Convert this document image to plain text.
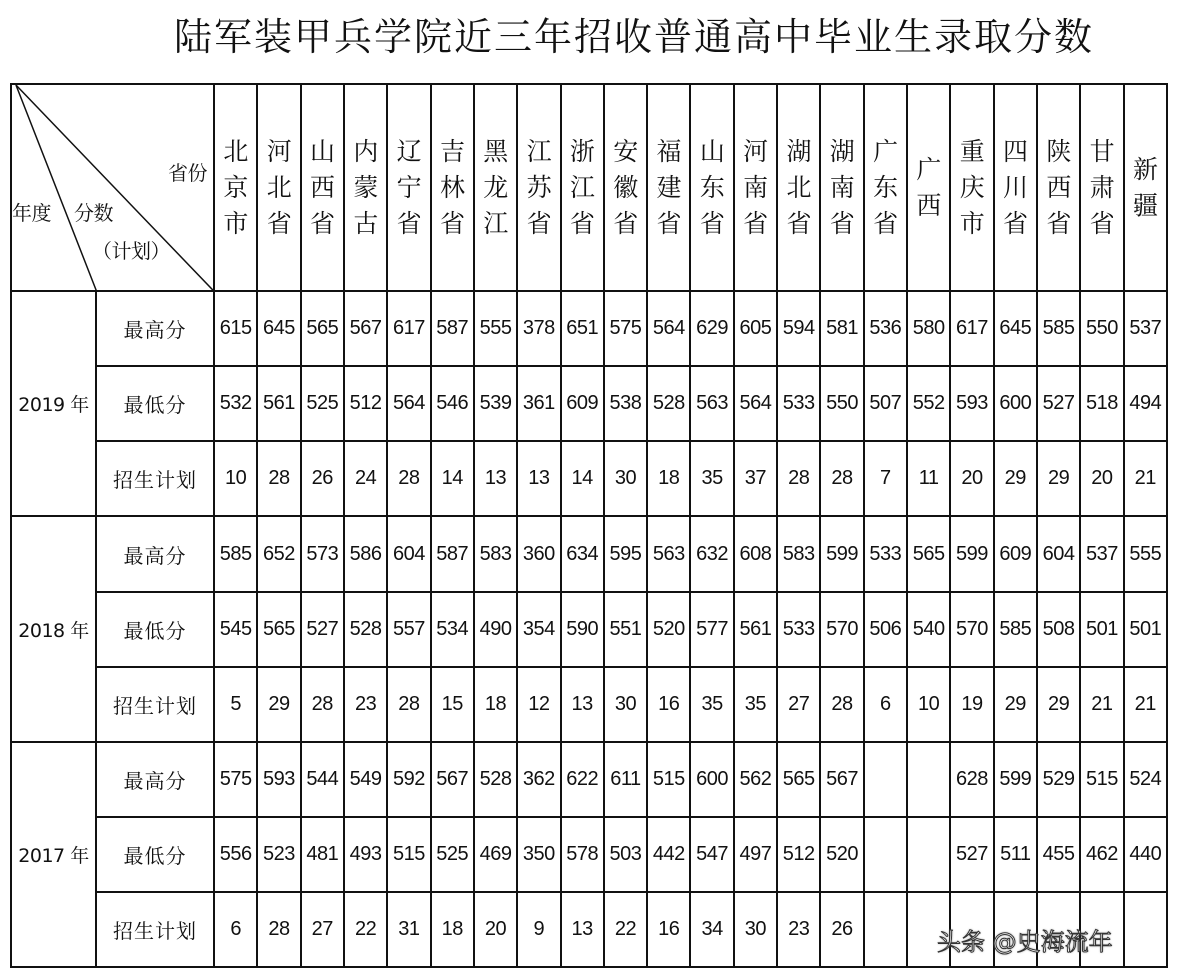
陆军装甲兵学院近三年招收普通高中毕业生录取分数
省份
分数
（计划）
年度		北京市	河北省	山西省	内蒙古	辽宁省	吉林省	黑龙江	江苏省	浙江省	安徽省	福建省	山东省	河南省	湖北省	湖南省	广东省	广西	重庆市	四川省	陕西省	甘肃省	新疆
2019 年	最高分	615	645	565	567	617	587	555	378	651	575	564	629	605	594	581	536	580	617	645	585	550	537
	最低分	532	561	525	512	564	546	539	361	609	538	528	563	564	533	550	507	552	593	600	527	518	494
	招生计划	10	28	26	24	28	14	13	13	14	30	18	35	37	28	28	7	11	20	29	29	20	21
2018 年	最高分	585	652	573	586	604	587	583	360	634	595	563	632	608	583	599	533	565	599	609	604	537	555
	最低分	545	565	527	528	557	534	490	354	590	551	520	577	561	533	570	506	540	570	585	508	501	501
	招生计划	5	29	28	23	28	15	18	12	13	30	16	35	35	27	28	6	10	19	29	29	21	21
2017 年	最高分	575	593	544	549	592	567	528	362	622	611	515	600	562	565	567			628	599	529	515	524
	最低分	556	523	481	493	515	525	469	350	578	503	442	547	497	512	520			527	511	455	462	440
	招生计划	6	28	27	22	31	18	20	9	13	22	16	34	30	23	26								头条 @史海流年
